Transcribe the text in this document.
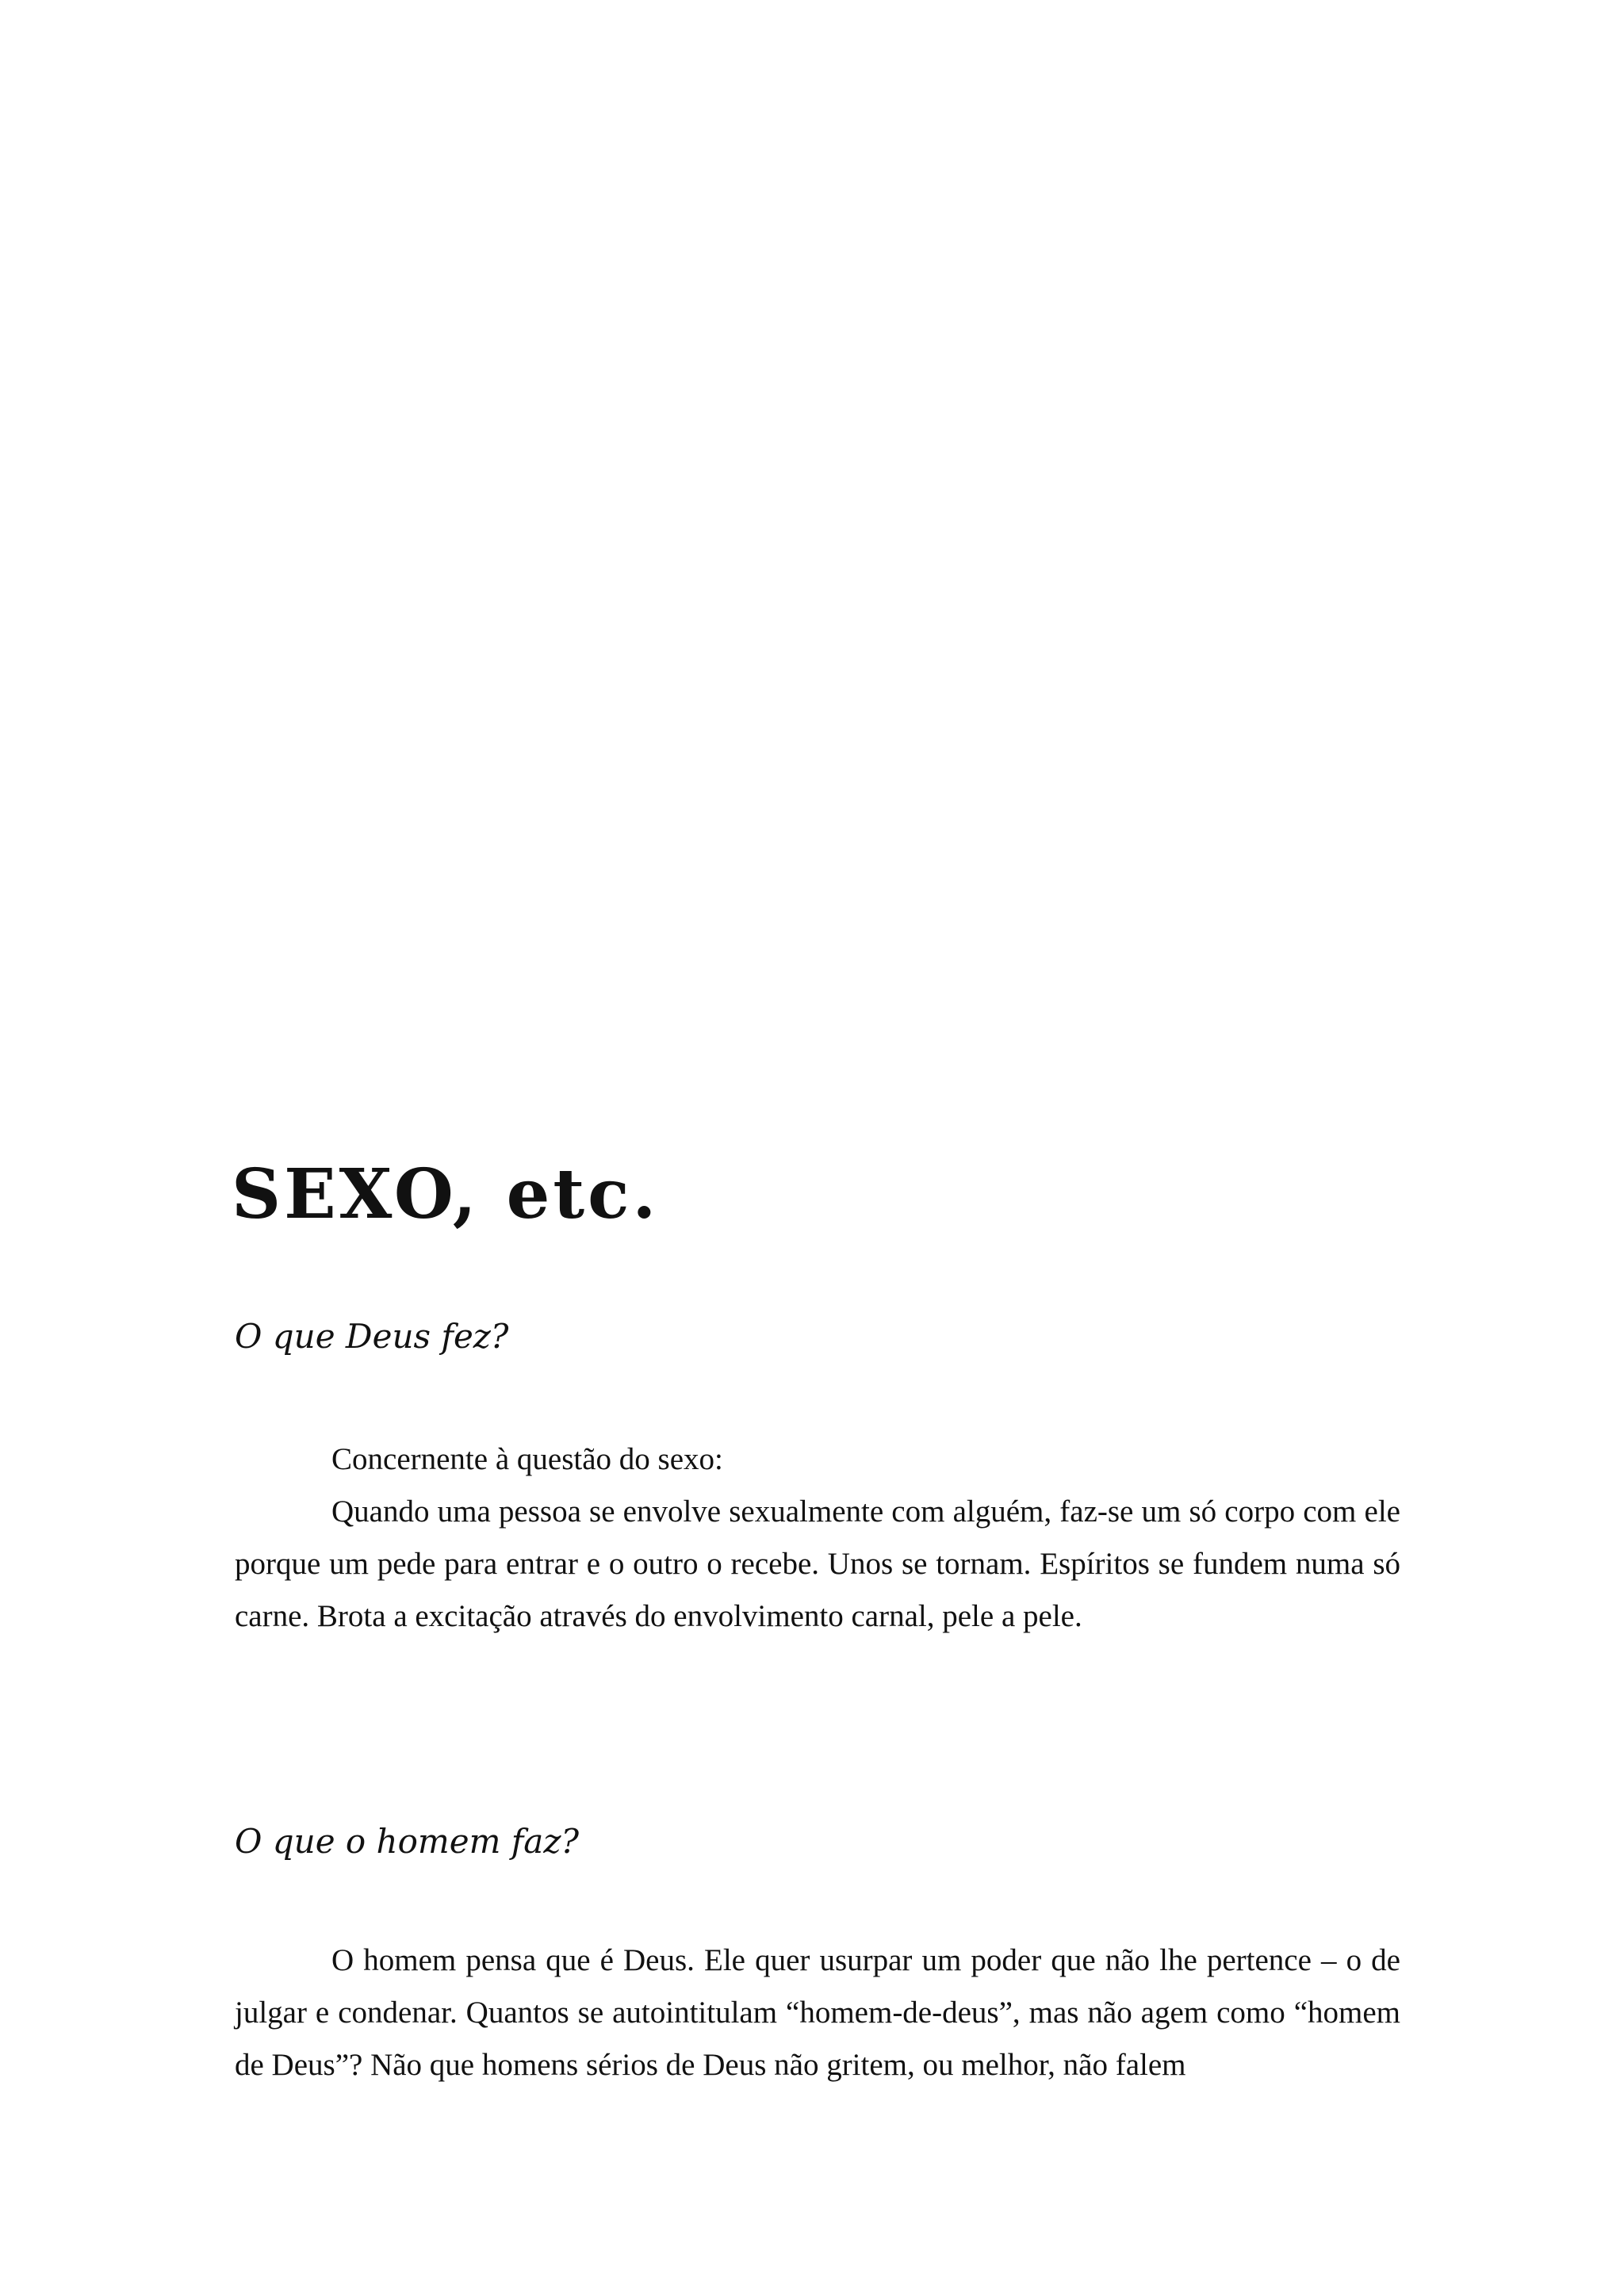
SEXO, etc.
O que Deus fez?

Concernente à questão do sexo:

Quando uma pessoa se envolve sexualmente com alguém, faz-se um só corpo com ele porque um pede para entrar e o outro o recebe. Unos se tornam. Espíritos se fundem numa só carne. Brota a excitação através do envolvimento carnal, pele a pele.

O que o homem faz?

O homem pensa que é Deus. Ele quer usurpar um poder que não lhe pertence – o de julgar e condenar. Quantos se autointitulam “homem-de-deus”, mas não agem como “homem de Deus”? Não que homens sérios de Deus não gritem, ou melhor, não falem
